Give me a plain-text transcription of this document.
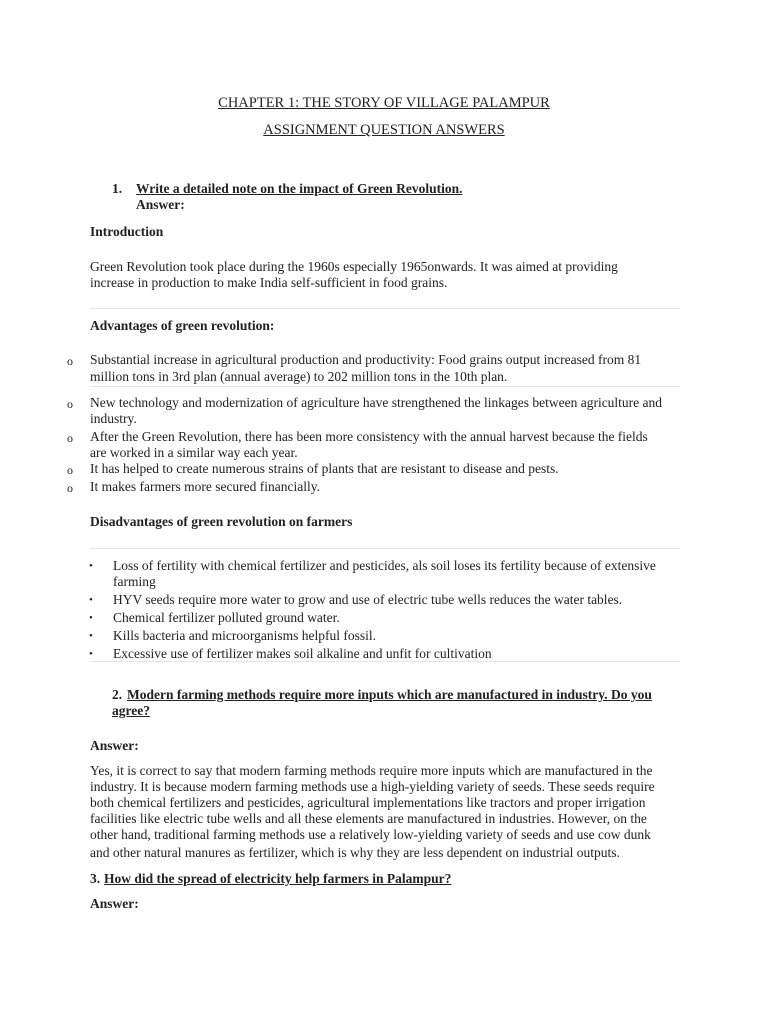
CHAPTER 1: THE STORY OF VILLAGE PALAMPUR
ASSIGNMENT QUESTION ANSWERS
1. Write a detailed note on the impact of Green Revolution.
Answer:
Introduction
Green Revolution took place during the 1960s especially 1965onwards. It was aimed at providing
increase in production to make India self-sufficient in food grains.
Advantages of green revolution:
o Substantial increase in agricultural production and productivity: Food grains output increased from 81
million tons in 3rd plan (annual average) to 202 million tons in the 10th plan.
o New technology and modernization of agriculture have strengthened the linkages between agriculture and
industry.
o After the Green Revolution, there has been more consistency with the annual harvest because the fields
are worked in a similar way each year.
o It has helped to create numerous strains of plants that are resistant to disease and pests.
o It makes farmers more secured financially.
Disadvantages of green revolution on farmers
• Loss of fertility with chemical fertilizer and pesticides, als soil loses its fertility because of extensive
farming
• HYV seeds require more water to grow and use of electric tube wells reduces the water tables.
• Chemical fertilizer polluted ground water.
• Kills bacteria and microorganisms helpful fossil.
• Excessive use of fertilizer makes soil alkaline and unfit for cultivation
2. Modern farming methods require more inputs which are manufactured in industry. Do you
agree?
Answer:
Yes, it is correct to say that modern farming methods require more inputs which are manufactured in the
industry. It is because modern farming methods use a high-yielding variety of seeds. These seeds require
both chemical fertilizers and pesticides, agricultural implementations like tractors and proper irrigation
facilities like electric tube wells and all these elements are manufactured in industries. However, on the
other hand, traditional farming methods use a relatively low-yielding variety of seeds and use cow dunk
and other natural manures as fertilizer, which is why they are less dependent on industrial outputs.
3. How did the spread of electricity help farmers in Palampur?
Answer:
